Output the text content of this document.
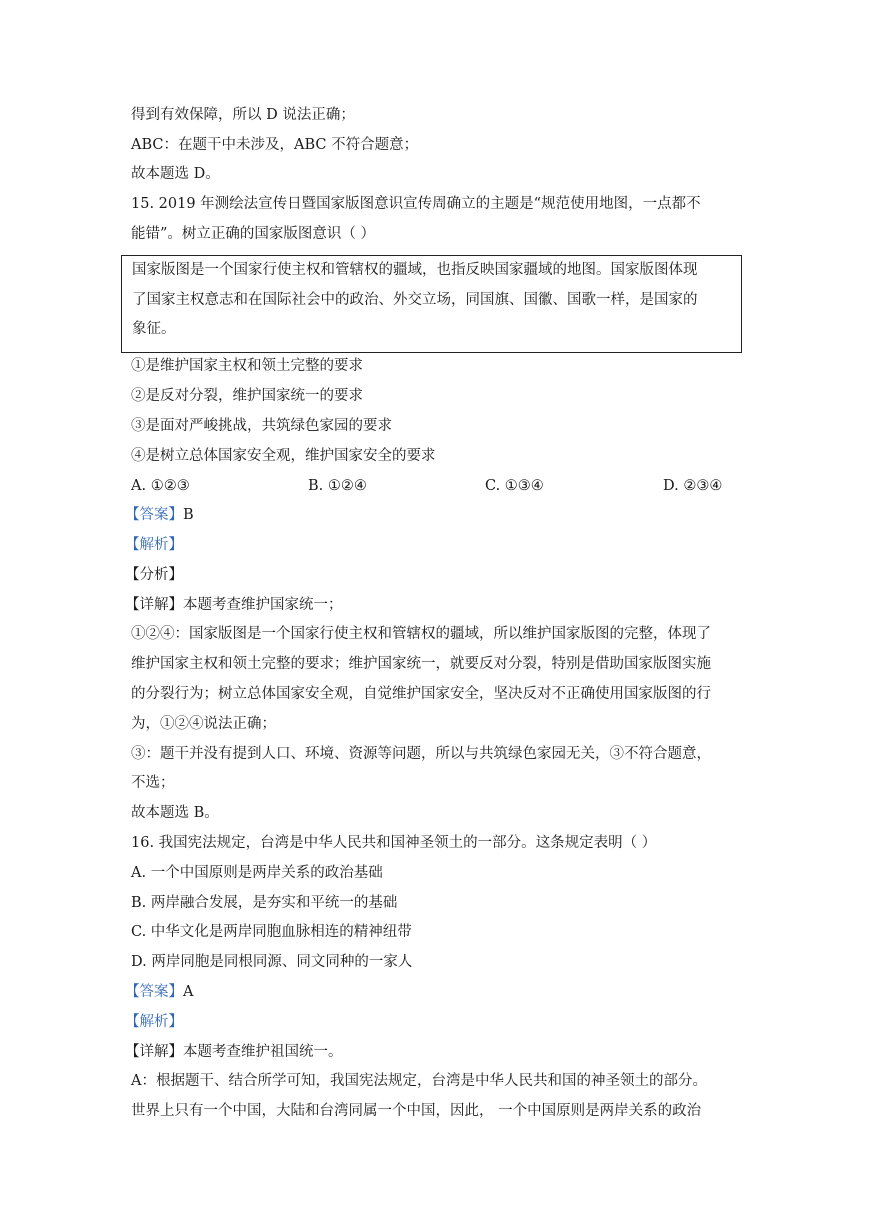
得到有效保障，所以 D 说法正确；
ABC：在题干中未涉及，ABC 不符合题意；
故本题选 D。
15. 2019 年测绘法宣传日暨国家版图意识宣传周确立的主题是“规范使用地图，一点都不
能错”。树立正确的国家版图意识（ ）
国家版图是一个国家行使主权和管辖权的疆域，也指反映国家疆域的地图。国家版图体现
了国家主权意志和在国际社会中的政治、外交立场，同国旗、国徽、国歌一样，是国家的
象征。
①是维护国家主权和领土完整的要求
②是反对分裂，维护国家统一的要求
③是面对严峻挑战，共筑绿色家园的要求
④是树立总体国家安全观，维护国家安全的要求
A. ①②③	B. ①②④	C. ①③④	D. ②③④
【答案】B
【解析】
【分析】
【详解】本题考查维护国家统一；
①②④：国家版图是一个国家行使主权和管辖权的疆域，所以维护国家版图的完整，体现了
维护国家主权和领土完整的要求；维护国家统一，就要反对分裂，特别是借助国家版图实施
的分裂行为；树立总体国家安全观，自觉维护国家安全，坚决反对不正确使用国家版图的行
为，①②④说法正确；
③：题干并没有提到人口、环境、资源等问题，所以与共筑绿色家园无关，③不符合题意，
不选；
故本题选 B。
16. 我国宪法规定，台湾是中华人民共和国神圣领土的一部分。这条规定表明（ ）
A. 一个中国原则是两岸关系的政治基础
B. 两岸融合发展，是夯实和平统一的基础
C. 中华文化是两岸同胞血脉相连的精神纽带
D. 两岸同胞是同根同源、同文同种的一家人
【答案】A
【解析】
【详解】本题考查维护祖国统一。
A：根据题干、结合所学可知，我国宪法规定，台湾是中华人民共和国的神圣领土的部分。
世界上只有一个中国，大陆和台湾同属一个中国，因此， 一个中国原则是两岸关系的政治
